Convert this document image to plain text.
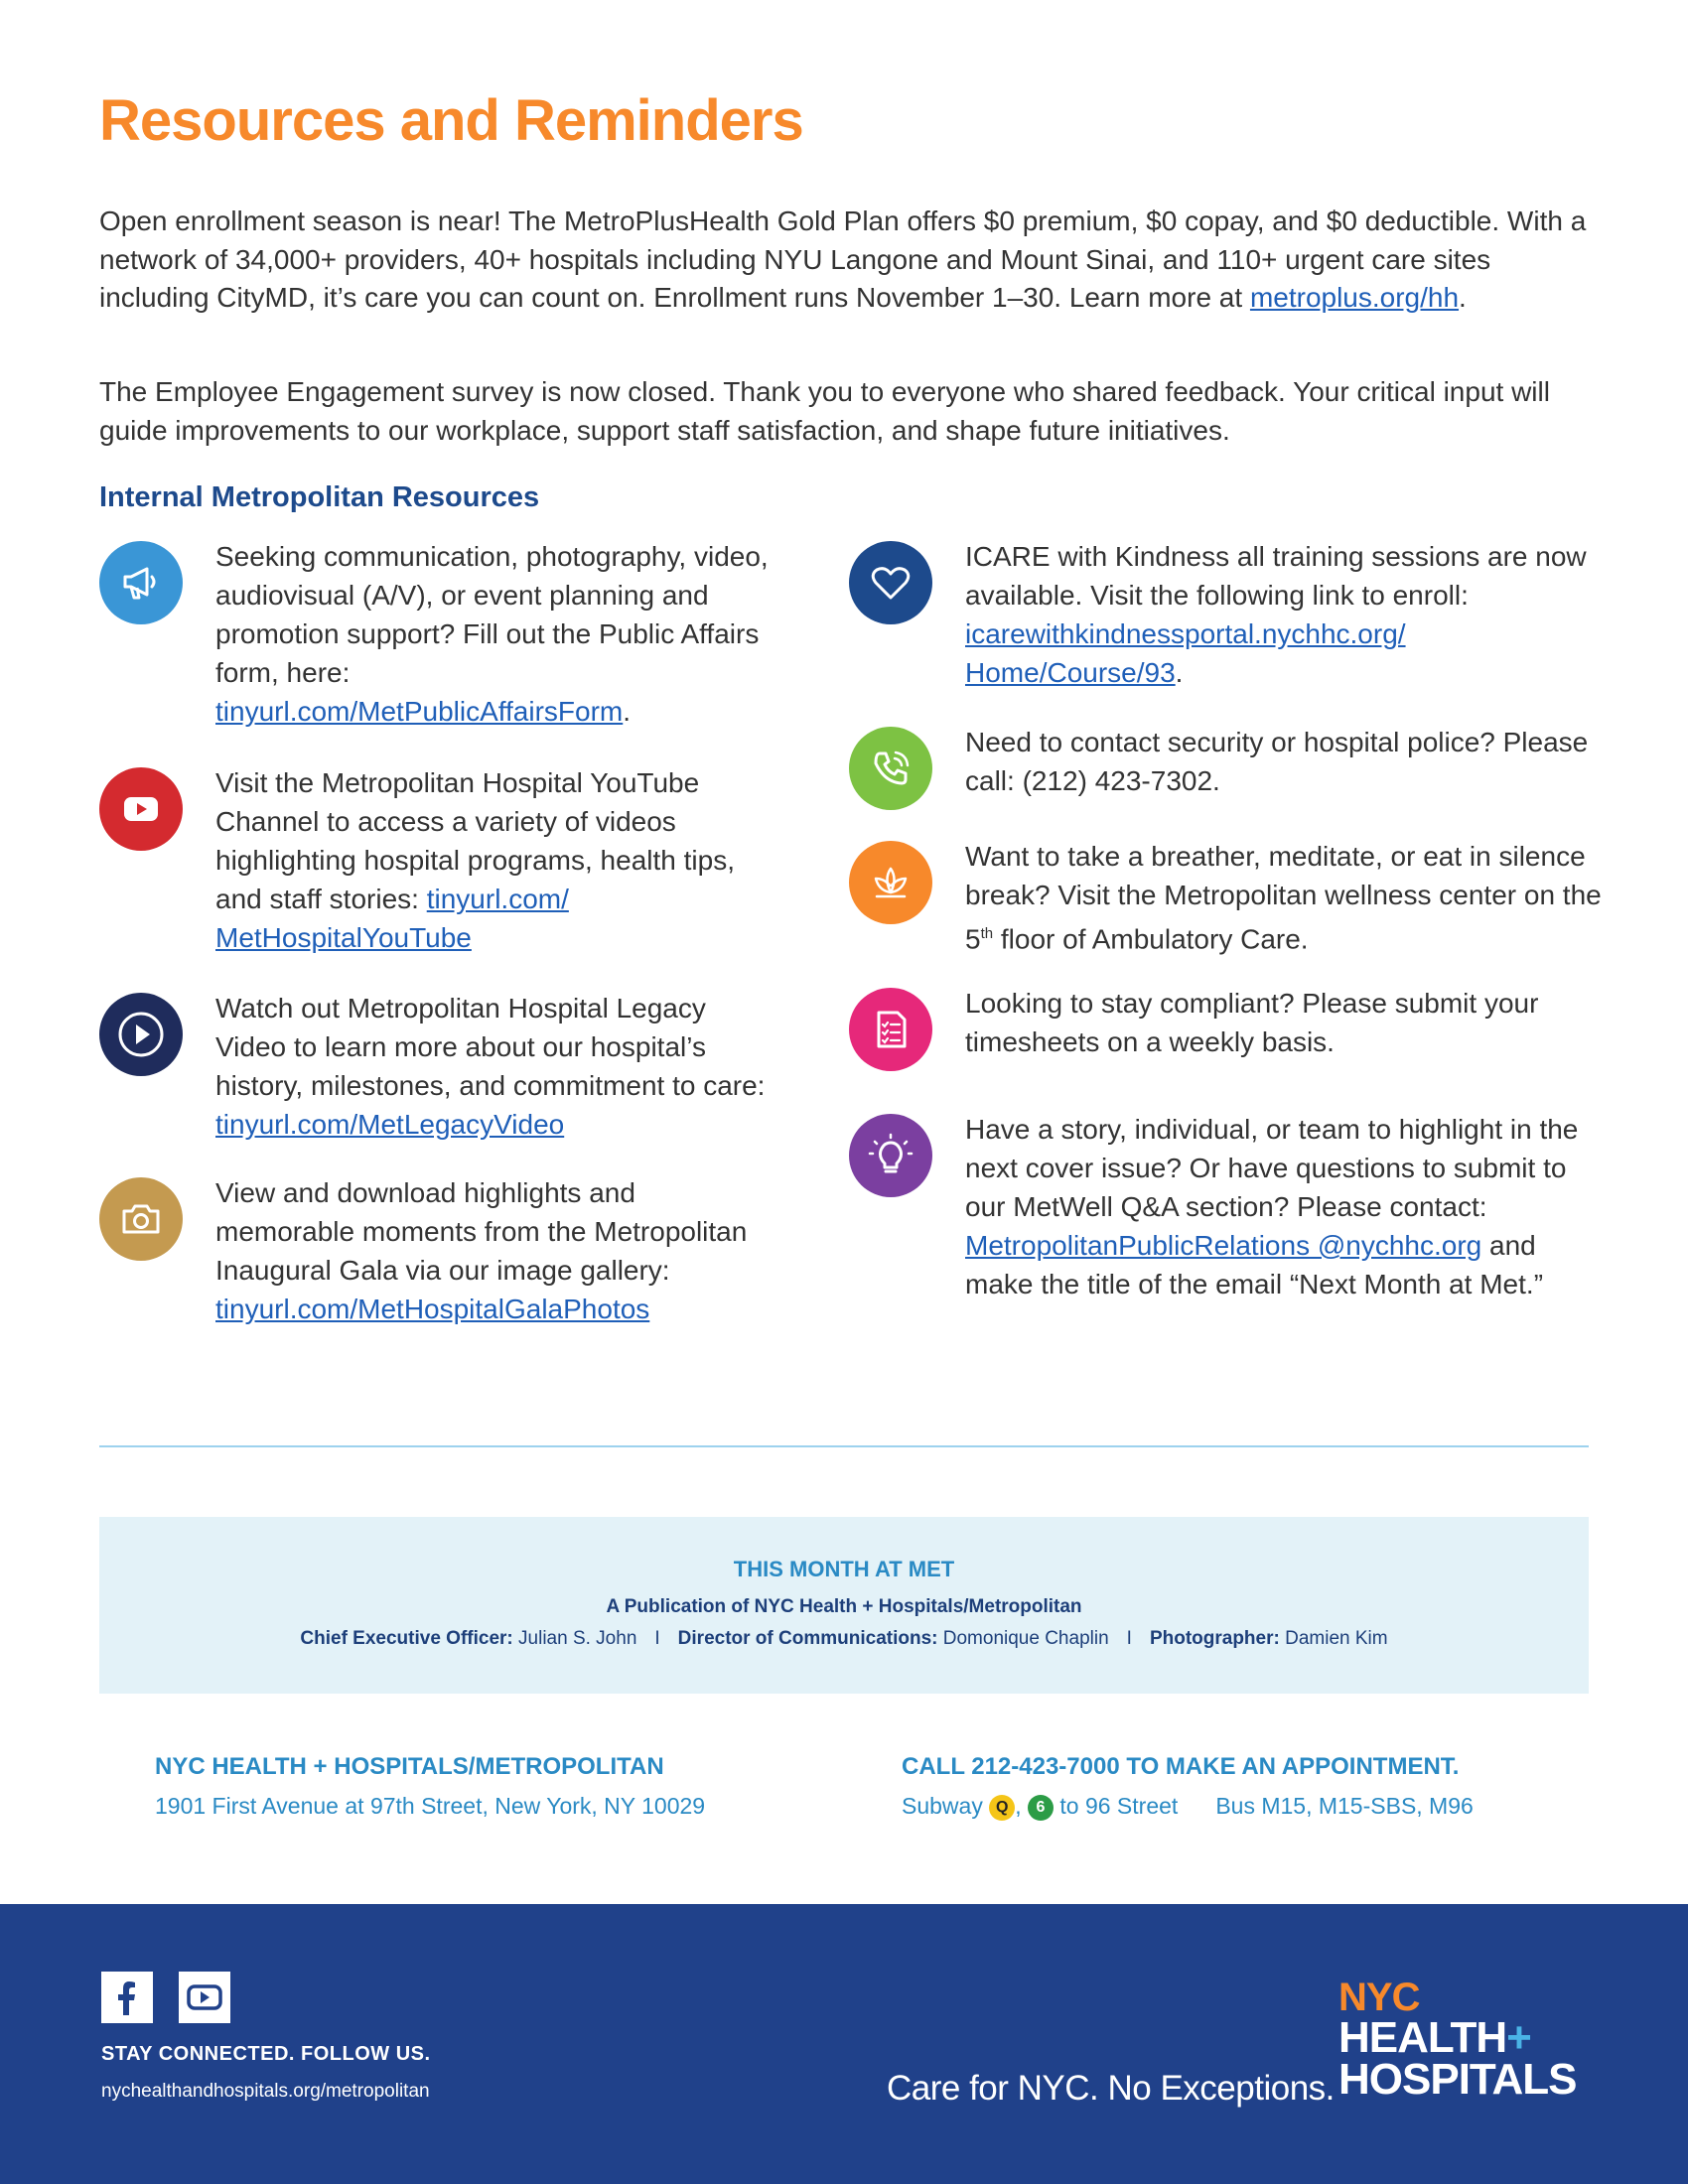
Resources and Reminders

Open enrollment season is near! The MetroPlusHealth Gold Plan offers $0 premium, $0 copay, and $0 deductible. With a network of 34,000+ providers, 40+ hospitals including NYU Langone and Mount Sinai, and 110+ urgent care sites including CityMD, it’s care you can count on. Enrollment runs November 1–30. Learn more at metroplus.org/hh.

The Employee Engagement survey is now closed. Thank you to everyone who shared feedback. Your critical input will guide improvements to our workplace, support staff satisfaction, and shape future initiatives.

Internal Metropolitan Resources

Seeking communication, photography, video, audiovisual (A/V), or event planning and promotion support? Fill out the Public Affairs form, here: tinyurl.com/MetPublicAffairsForm.

Visit the Metropolitan Hospital YouTube Channel to access a variety of videos highlighting hospital programs, health tips, and staff stories: tinyurl.com/ MetHospitalYouTube

Watch out Metropolitan Hospital Legacy Video to learn more about our hospital’s history, milestones, and commitment to care: tinyurl.com/MetLegacyVideo

View and download highlights and memorable moments from the Metropolitan Inaugural Gala via our image gallery: tinyurl.com/MetHospitalGalaPhotos

ICARE with Kindness all training sessions are now available. Visit the following link to enroll: icarewithkindnessportal.nychhc.org/ Home/Course/93.

Need to contact security or hospital police? Please call: (212) 423-7302.

Want to take a breather, meditate, or eat in silence break? Visit the Metropolitan wellness center on the 5th floor of Ambulatory Care.

Looking to stay compliant? Please submit your timesheets on a weekly basis.

Have a story, individual, or team to highlight in the next cover issue? Or have questions to submit to our MetWell Q&A section? Please contact: MetropolitanPublicRelations @nychhc.org and make the title of the email “Next Month at Met.”

THIS MONTH AT MET

A Publication of NYC Health + Hospitals/Metropolitan

Chief Executive Officer: Julian S. John I Director of Communications: Domonique Chaplin I Photographer: Damien Kim

NYC HEALTH + HOSPITALS/METROPOLITAN

1901 First Avenue at 97th Street, New York, NY 10029

CALL 212-423-7000 TO MAKE AN APPOINTMENT.

Subway Q , 6 to 96 Street Bus M15, M15-SBS, M96

STAY CONNECTED. FOLLOW US.

nychealthandhospitals.org/metropolitan	Care for NYC. No Exceptions.

NYC

HEALTH+

HOSPITALS
